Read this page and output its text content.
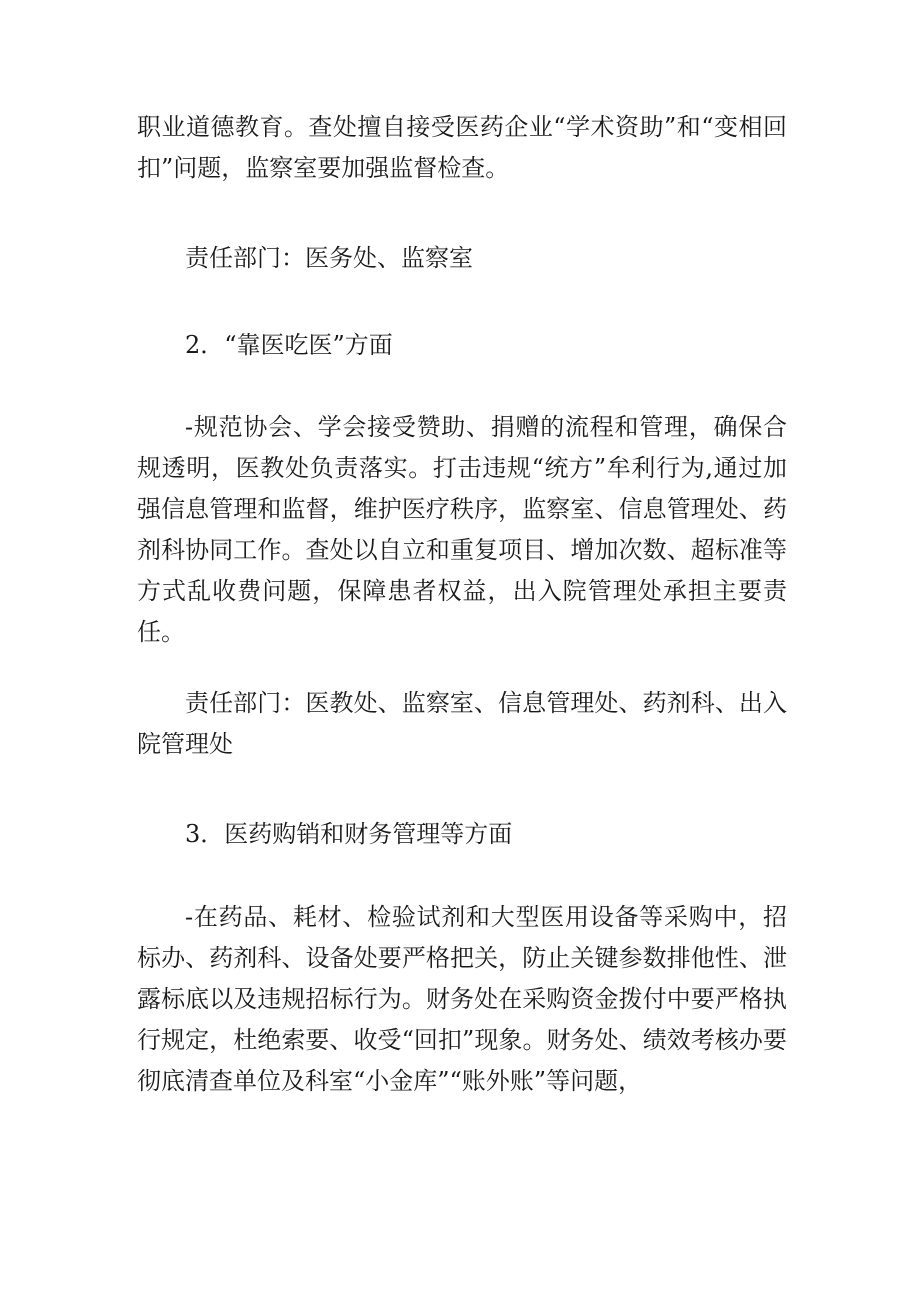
职业道德教育。查处擅自接受医药企业“学术资助”和“变相回扣”问题，监察室要加强监督检查。

责任部门：医务处、监察室

2．“靠医吃医”方面

-规范协会、学会接受赞助、捐赠的流程和管理，确保合规透明，医教处负责落实。打击违规“统方”牟利行为,通过加强信息管理和监督，维护医疗秩序，监察室、信息管理处、药剂科协同工作。查处以自立和重复项目、增加次数、超标准等方式乱收费问题，保障患者权益，出入院管理处承担主要责任。

责任部门：医教处、监察室、信息管理处、药剂科、出入院管理处

3．医药购销和财务管理等方面

-在药品、耗材、检验试剂和大型医用设备等采购中，招标办、药剂科、设备处要严格把关，防止关键参数排他性、泄露标底以及违规招标行为。财务处在采购资金拨付中要严格执行规定，杜绝索要、收受“回扣”现象。财务处、绩效考核办要彻底清查单位及科室“小金库”“账外账”等问题，
